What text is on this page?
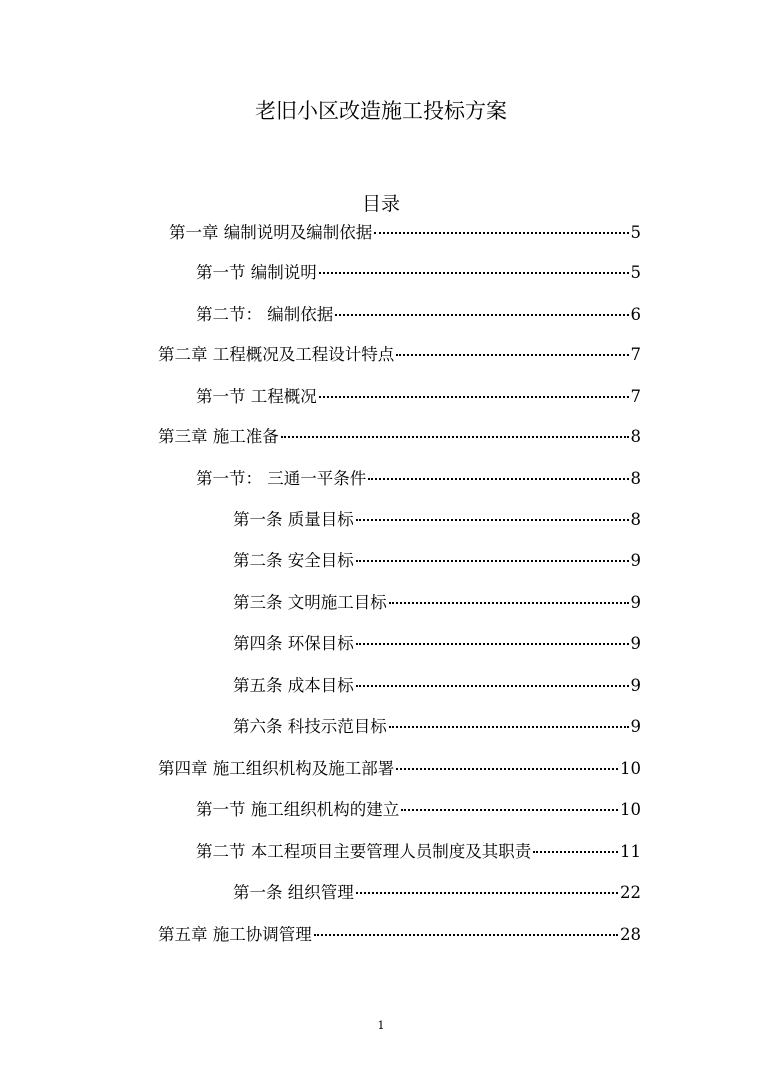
老旧小区改造施工投标方案
目录
第一章 编制说明及编制依据	5
第一节 编制说明	5
第二节： 编制依据	6
第二章 工程概况及工程设计特点	7
第一节 工程概况	7
第三章 施工准备	8
第一节： 三通一平条件	8
第一条 质量目标	8
第二条 安全目标	9
第三条 文明施工目标	9
第四条 环保目标	9
第五条 成本目标	9
第六条 科技示范目标	9
第四章 施工组织机构及施工部署	10
第一节 施工组织机构的建立	10
第二节 本工程项目主要管理人员制度及其职责	11
第一条 组织管理	22
第五章 施工协调管理	28
1
